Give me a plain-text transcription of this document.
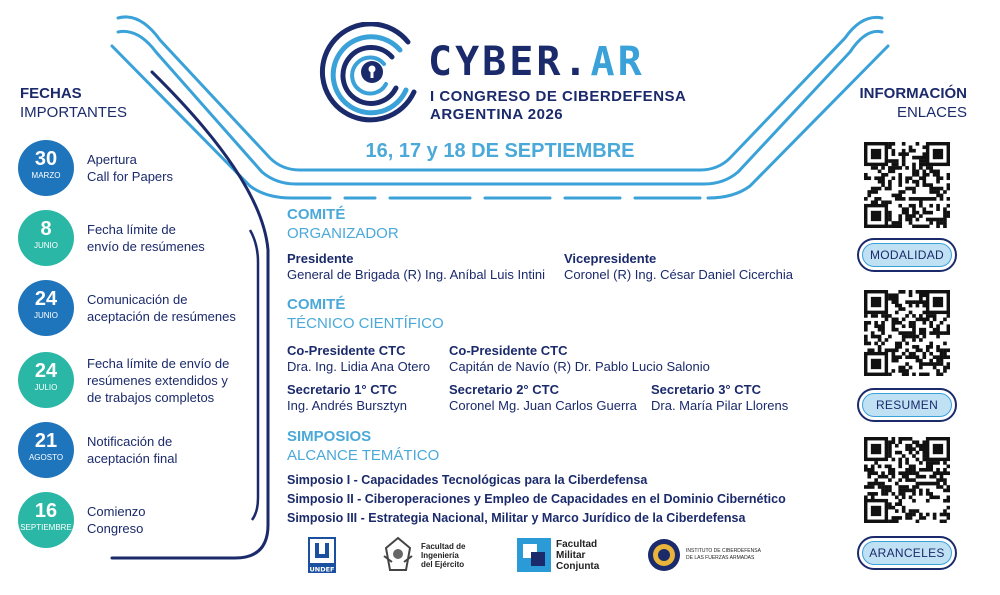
CYBER.AR
I CONGRESO DE CIBERDEFENSA
ARGENTINA 2026
16, 17 y 18 DE SEPTIEMBRE
FECHAS
IMPORTANTES
30
MARZO
Apertura
Call for Papers
8
JUNIO
Fecha límite de
envío de resúmenes
24
JUNIO
Comunicación de
aceptación de resúmenes
24
JULIO
Fecha límite de envío de
resúmenes extendidos y
de trabajos completos
21
AGOSTO
Notificación de
aceptación final
16
SEPTIEMBRE
Comienzo
Congreso
INFORMACIÓN
ENLACES
MODALIDAD
RESUMEN
ARANCELES
COMITÉ
ORGANIZADOR
Presidente
General de Brigada (R) Ing. Aníbal Luis Intini
Vicepresidente
Coronel (R) Ing. César Daniel Cicerchia
COMITÉ
TÉCNICO CIENTÍFICO
Co-Presidente CTC
Dra. Ing. Lidia Ana Otero
Co-Presidente CTC
Capitán de Navío (R) Dr. Pablo Lucio Salonio
Secretario 1° CTC
Ing. Andrés Bursztyn
Secretario 2° CTC
Coronel Mg. Juan Carlos Guerra
Secretario 3° CTC
Dra. María Pilar Llorens
SIMPOSIOS
ALCANCE TEMÁTICO
Simposio I - Capacidades Tecnológicas para la Ciberdefensa
Simposio II - Ciberoperaciones y Empleo de Capacidades en el Dominio Cibernético
Simposio III - Estrategia Nacional, Militar y Marco Jurídico de la Ciberdefensa
UNDEF
Facultad de
Ingeniería
del Ejército
Facultad
Militar
Conjunta
INSTITUTO DE CIBERDEFENSA
DE LAS FUERZAS ARMADAS
